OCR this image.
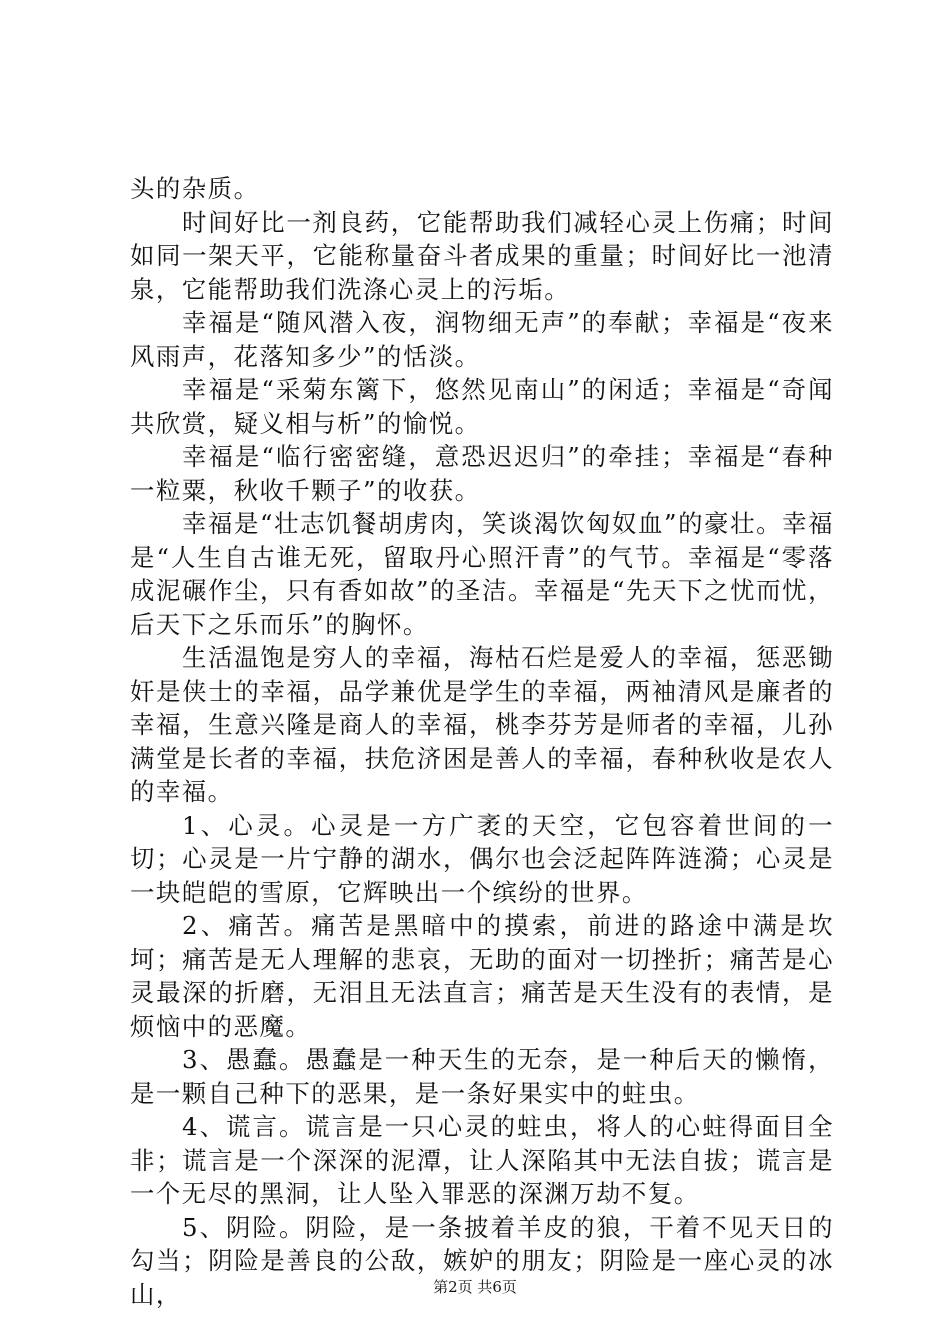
头的杂质。

时间好比一剂良药，它能帮助我们减轻心灵上伤痛；时间如同一架天平，它能称量奋斗者成果的重量；时间好比一池清泉，它能帮助我们洗涤心灵上的污垢。

幸福是“随风潜入夜，润物细无声”的奉献；幸福是“夜来风雨声，花落知多少”的恬淡。

幸福是“采菊东篱下，悠然见南山”的闲适；幸福是“奇闻共欣赏，疑义相与析”的愉悦。

幸福是“临行密密缝，意恐迟迟归”的牵挂；幸福是“春种一粒粟，秋收千颗子”的收获。

幸福是“壮志饥餐胡虏肉，笑谈渴饮匈奴血”的豪壮。幸福是“人生自古谁无死，留取丹心照汗青”的气节。幸福是“零落成泥碾作尘，只有香如故”的圣洁。幸福是“先天下之忧而忧，后天下之乐而乐”的胸怀。

生活温饱是穷人的幸福，海枯石烂是爱人的幸福，惩恶锄奸是侠士的幸福，品学兼优是学生的幸福，两袖清风是廉者的幸福，生意兴隆是商人的幸福，桃李芬芳是师者的幸福，儿孙满堂是长者的幸福，扶危济困是善人的幸福，春种秋收是农人的幸福。

1、心灵。心灵是一方广袤的天空，它包容着世间的一切；心灵是一片宁静的湖水，偶尔也会泛起阵阵涟漪；心灵是一块皑皑的雪原，它辉映出一个缤纷的世界。

2、痛苦。痛苦是黑暗中的摸索，前进的路途中满是坎坷；痛苦是无人理解的悲哀，无助的面对一切挫折；痛苦是心灵最深的折磨，无泪且无法直言；痛苦是天生没有的表情，是烦恼中的恶魔。

3、愚蠢。愚蠢是一种天生的无奈，是一种后天的懒惰，是一颗自己种下的恶果，是一条好果实中的蛀虫。

4、谎言。谎言是一只心灵的蛀虫，将人的心蛀得面目全非；谎言是一个深深的泥潭，让人深陷其中无法自拔；谎言是一个无尽的黑洞，让人坠入罪恶的深渊万劫不复。

5、阴险。阴险，是一条披着羊皮的狼，干着不见天日的勾当；阴险是善良的公敌，嫉妒的朋友；阴险是一座心灵的冰山，	第2页 共6页
